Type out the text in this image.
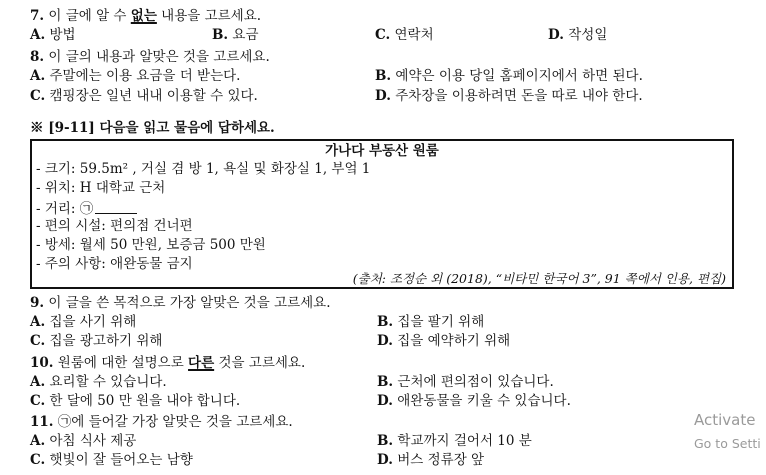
7. 이 글에 알 수 없는 내용을 고르세요.
A. 방법	B. 요금	C. 연락처	D. 작성일
8. 이 글의 내용과 알맞은 것을 고르세요.
A. 주말에는 이용 요금을 더 받는다.	B. 예약은 이용 당일 홈페이지에서 하면 된다.
C. 캠핑장은 일년 내내 이용할 수 있다.	D. 주차장을 이용하려면 돈을 따로 내야 한다.
※ [9-11] 다음을 읽고 물음에 답하세요.
가나다 부동산 원룸
- 크기: 59.5m² , 거실 겸 방 1, 욕실 및 화장실 1, 부엌 1
- 위치: H 대학교 근처
- 거리: ㉠
- 편의 시설: 편의점 건너편
- 방세: 월세 50 만원, 보증금 500 만원
- 주의 사항: 애완동물 금지
(출처: 조정순 외 (2018), “비타민 한국어 3”, 91 쪽에서 인용, 편집)
9. 이 글을 쓴 목적으로 가장 알맞은 것을 고르세요.
A. 집을 사기 위해	B. 집을 팔기 위해
C. 집을 광고하기 위해	D. 집을 예약하기 위해
10. 원룸에 대한 설명으로 다른 것을 고르세요.
A. 요리할 수 있습니다.	B. 근처에 편의점이 있습니다.
C. 한 달에 50 만 원을 내야 합니다.	D. 애완동물을 키울 수 있습니다.
11. ㉠에 들어갈 가장 알맞은 것을 고르세요.
A. 아침 식사 제공	B. 학교까지 걸어서 10 분
C. 햇빛이 잘 들어오는 남향	D. 버스 정류장 앞
Activate
Go to Setti
